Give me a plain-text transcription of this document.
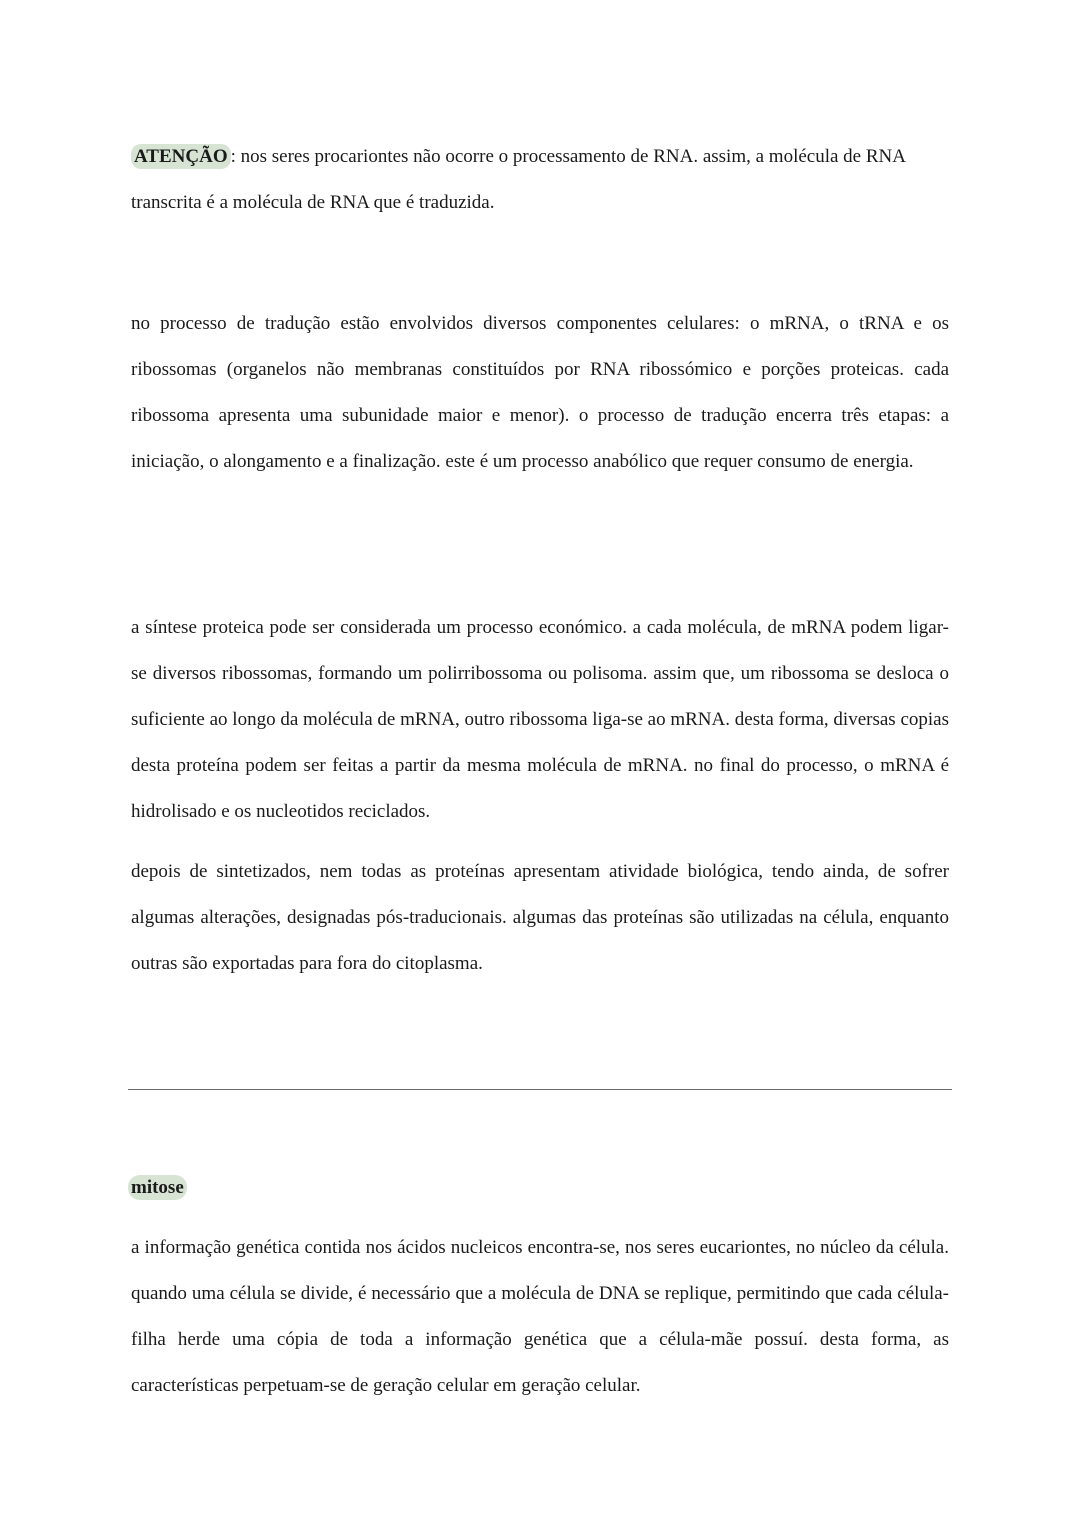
ATENÇÃO : nos seres procariontes não ocorre o processamento de RNA. assim, a molécula de RNA transcrita é a molécula de RNA que é traduzida.

no processo de tradução estão envolvidos diversos componentes celulares: o mRNA, o tRNA e os ribossomas (organelos não membranas constituídos por RNA ribossómico e porções proteicas. cada ribossoma apresenta uma subunidade maior e menor). o processo de tradução encerra três etapas: a iniciação, o alongamento e a finalização. este é um processo anabólico que requer consumo de energia.

a síntese proteica pode ser considerada um processo económico. a cada molécula, de mRNA podem ligar-se diversos ribossomas, formando um polirribossoma ou polisoma. assim que, um ribossoma se desloca o suficiente ao longo da molécula de mRNA, outro ribossoma liga-se ao mRNA. desta forma, diversas copias desta proteína podem ser feitas a partir da mesma molécula de mRNA. no final do processo, o mRNA é hidrolisado e os nucleotidos reciclados.

depois de sintetizados, nem todas as proteínas apresentam atividade biológica, tendo ainda, de sofrer algumas alterações, designadas pós-traducionais. algumas das proteínas são utilizadas na célula, enquanto outras são exportadas para fora do citoplasma.

mitose

a informação genética contida nos ácidos nucleicos encontra-se, nos seres eucariontes, no núcleo da célula. quando uma célula se divide, é necessário que a molécula de DNA se replique, permitindo que cada célula- filha herde uma cópia de toda a informação genética que a célula-mãe possuí. desta forma, as características perpetuam-se de geração celular em geração celular.
